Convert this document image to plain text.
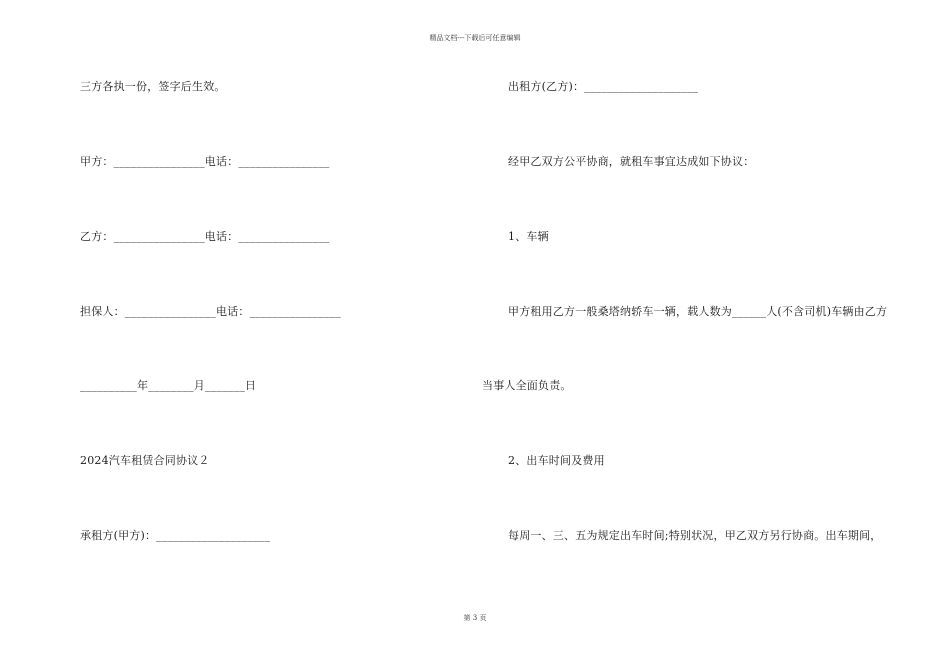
精品文档---下载后可任意编辑
三方各执一份，签字后生效。
甲方：________________电话：________________
乙方：________________电话：________________
担保人：________________电话：________________
__________年________月_______日
2024汽车租赁合同协议２
承租方(甲方)：____________________
出租方(乙方)：____________________
经甲乙双方公平协商，就租车事宜达成如下协议：
1、车辆
甲方租用乙方一般桑塔纳轿车一辆，载人数为______人(不含司机)车辆由乙方
当事人全面负责。
2、出车时间及费用
每周一、三、五为规定出车时间;特别状况，甲乙双方另行协商。出车期间，
第 3 页
